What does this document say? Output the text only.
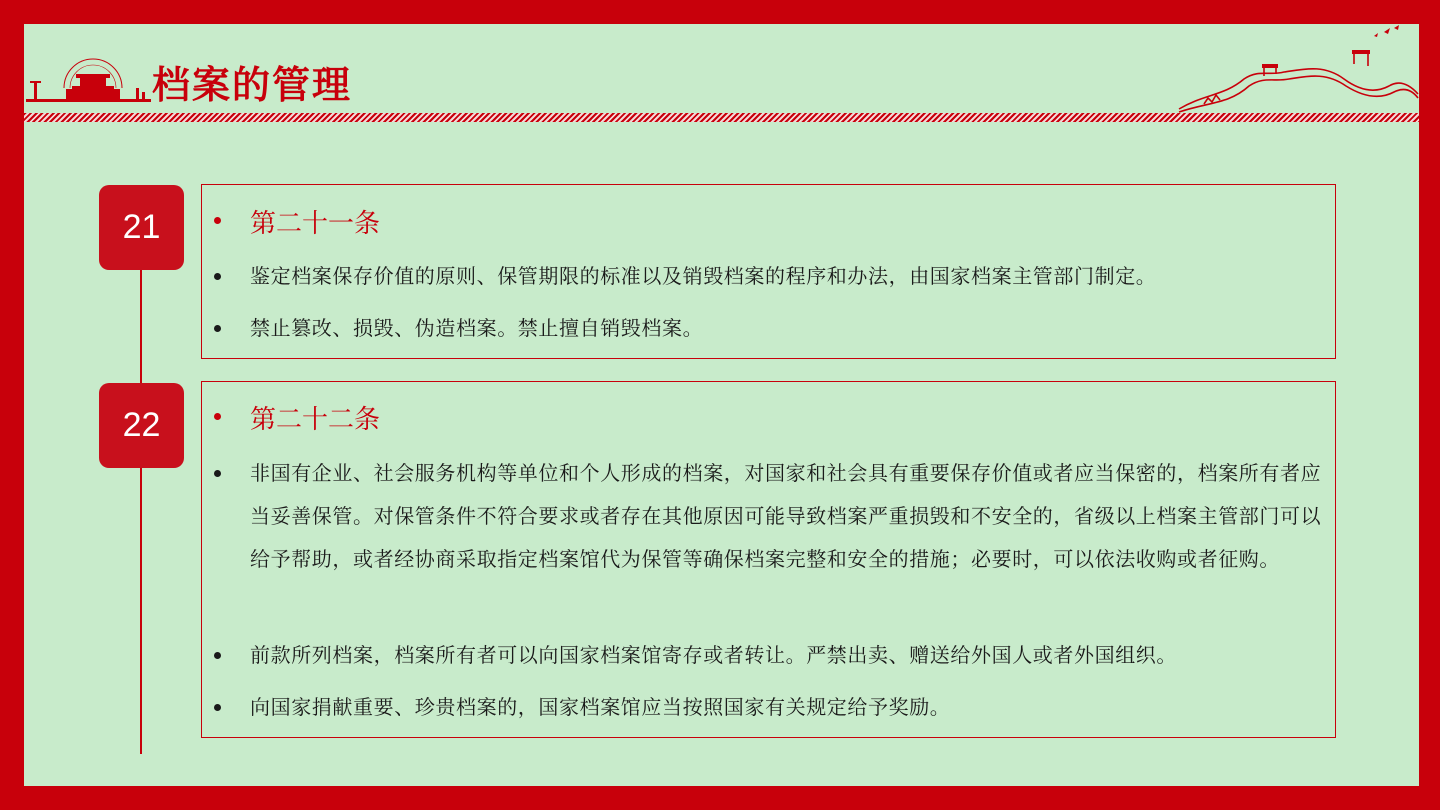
档案的管理
21	第二十一条
鉴定档案保存价值的原则、保管期限的标准以及销毁档案的程序和办法，由国家档案主管部门制定。
禁止篡改、损毁、伪造档案。禁止擅自销毁档案。
22	第二十二条
非国有企业、社会服务机构等单位和个人形成的档案，对国家和社会具有重要保存价值或者应当保密的，档案所有者应当妥善保管。对保管条件不符合要求或者存在其他原因可能导致档案严重损毁和不安全的，省级以上档案主管部门可以给予帮助，或者经协商采取指定档案馆代为保管等确保档案完整和安全的措施；必要时，可以依法收购或者征购。
前款所列档案，档案所有者可以向国家档案馆寄存或者转让。严禁出卖、赠送给外国人或者外国组织。
向国家捐献重要、珍贵档案的，国家档案馆应当按照国家有关规定给予奖励。
